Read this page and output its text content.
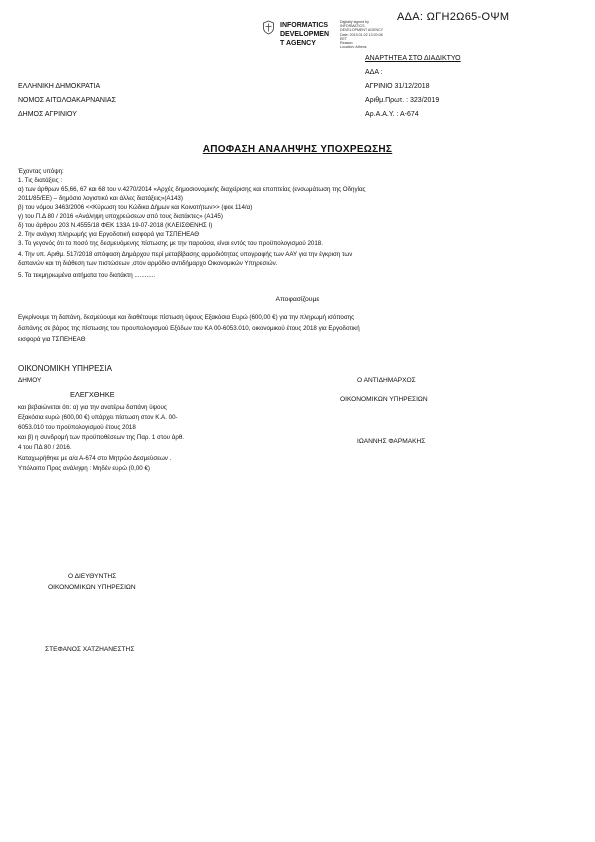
ΑΔΑ: ΩΓΗ2Ω65-ΟΨΜ
INFORMATICS
DEVELOPMEN
T AGENCY
Digitally signed by
INFORMATICS
DEVELOPMENT AGENCY
Date: 2019.01.02 13:20:08
EET
Reason:
Location: Athens
ΑΝΑΡΤΗΤΕΑ ΣΤΟ ΔΙΑΔΙΚΤΥΟ
ΑΔΑ :
ΑΓΡΙΝΙΟ 31/12/2018
Αριθμ.Πρωτ. : 323/2019
Αρ.Α.Α.Υ. : Α-674
ΕΛΛΗΝΙΚΗ ΔΗΜΟΚΡΑΤΙΑ
ΝΟΜΟΣ ΑΙΤΩΛΟΑΚΑΡΝΑΝΙΑΣ
ΔΗΜΟΣ ΑΓΡΙΝΙΟΥ
ΑΠΟΦΑΣΗ ΑΝΑΛΗΨΗΣ ΥΠΟΧΡΕΩΣΗΣ
Έχοντας υπόψη:
1. Τις διατάξεις :
α) των άρθρων 65,66, 67 και 68 του ν.4270/2014 «Αρχές δημοσιονομικής διαχείρισης και εποπτείας (ενσωμάτωση της Οδηγίας
2011/85/ΕΕ) – δημόσιο λογιστικό και άλλες διατάξεις»(Α143)
β) του νόμου 3463/2006 <<Κύρωση του Κώδικα Δήμων και Κοινοτήτων>> (φεκ 114/α)
γ) του Π.Δ 80 / 2016 «Ανάληψη υποχρεώσεων από τους διατάκτες» (Α145)
δ) του άρθρου 203 Ν.4555/18 ΦΕΚ 133Α 19-07-2018 (ΚΛΕΙΣΘΕΝΗΣ Ι)
2. Την ανάγκη πληρωμής για Εργοδοτική εισφορά για ΤΣΠΕΗΕΑΘ
3. Το γεγονός ότι το ποσό της δεσμευόμενης πίστωσης με την παρούσα, είναι εντός του προϋπολογισμού 2018.
4. Την υπ. Αριθμ. 517/2018 απόφαση Δημάρχου περί μεταβίβασης αρμοδιότητας υπογραφής των ΑΑΥ για την έγκριση των
δαπανών και τη διάθεση των πιστώσεων ,στον αρμόδιο αντιδήμαρχο Οικονομικών Υπηρεσιών.
5. Τα τεκμηριωμένα αιτήματα του διατάκτη ............
Αποφασίζουμε
Εγκρίνουμε τη δαπάνη, δεσμεύουμε και διαθέτουμε πίστωση ύψους Εξακόσια Ευρώ (600,00 €) για την πληρωμή ισόποσης
δαπάνης σε βάρος της πίστωσης του προυπολογισμού Εξόδων του ΚΑ 00-6053.010, οικονομικού έτους 2018 για Εργοδοτική
εισφορά για ΤΣΠΕΗΕΑΘ
ΟΙΚΟΝΟΜΙΚΗ ΥΠΗΡΕΣΙΑ
ΔΗΜΟΥ	Ο ΑΝΤΙΔΗΜΑΡΧΟΣ
ΟΙΚΟΝΟΜΙΚΩΝ ΥΠΗΡΕΣΙΩΝ
ΕΛΕΓΧΘΗΚΕ
και βεβαιώνεται ότι: α) για την ανατέρω δαπάνη ύψους
Εξακόσια ευρώ (600,00 €) υπάρχει πίστωση στον Κ.Α. 00-
6053.010 του προϋπολογισμού έτους 2018
και β) η συνδρομή των προϋποθέσεων της Παρ. 1 στου άρθ.
4 του ΠΔ 80 / 2016.
Καταχωρήθηκε με α/α Α-674 στο Μητρώο Δεσμεύσεων .
Υπόλοιπο Προς ανάληψη : Μηδέν ευρώ (0,00 €)
ΙΩΑΝΝΗΣ ΦΑΡΜΑΚΗΣ
Ο ΔΙΕΥΘΥΝΤΗΣ
ΟΙΚΟΝΟΜΙΚΩΝ ΥΠΗΡΕΣΙΩΝ
ΣΤΕΦΑΝΟΣ ΧΑΤΖΗΑΝΕΣΤΗΣ
